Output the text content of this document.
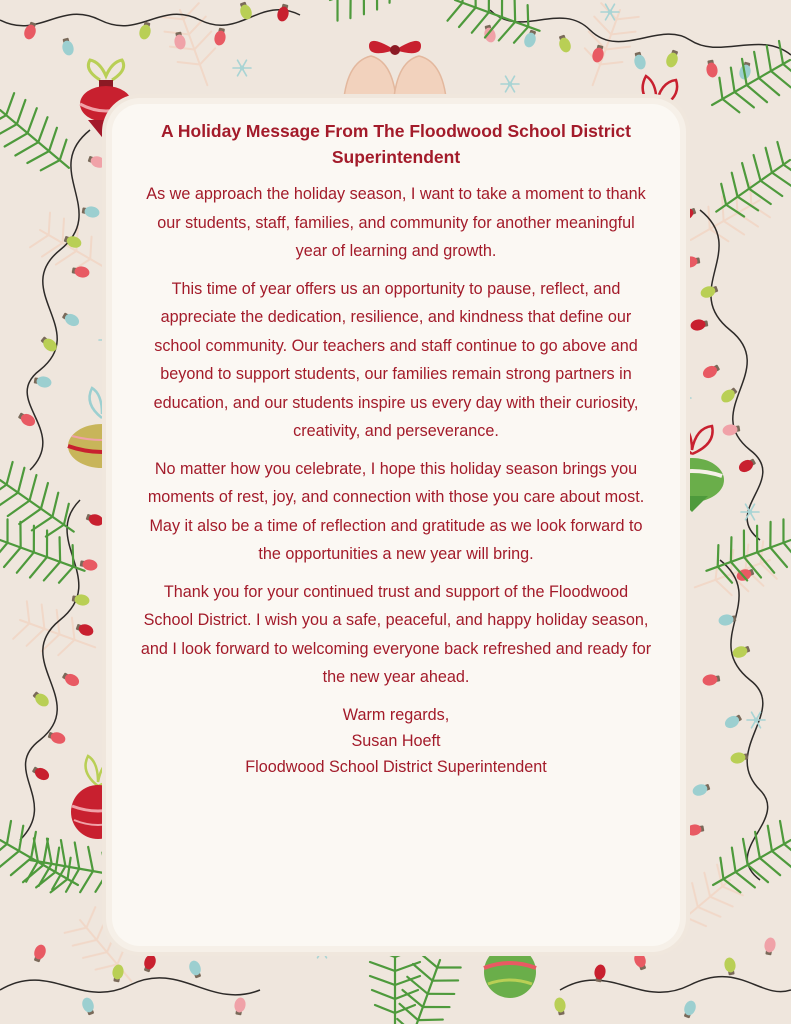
A Holiday Message From The Floodwood School District Superintendent

As we approach the holiday season, I want to take a moment to thank our students, staff, families, and community for another meaningful year of learning and growth.

This time of year offers us an opportunity to pause, reflect, and appreciate the dedication, resilience, and kindness that define our school community. Our teachers and staff continue to go above and beyond to support students, our families remain strong partners in education, and our students inspire us every day with their curiosity, creativity, and perseverance.

No matter how you celebrate, I hope this holiday season brings you moments of rest, joy, and connection with those you care about most. May it also be a time of reflection and gratitude as we look forward to the opportunities a new year will bring.

Thank you for your continued trust and support of the Floodwood School District. I wish you a safe, peaceful, and happy holiday season, and I look forward to welcoming everyone back refreshed and ready for the new year ahead.

Warm regards,
Susan Hoeft
Floodwood School District Superintendent
